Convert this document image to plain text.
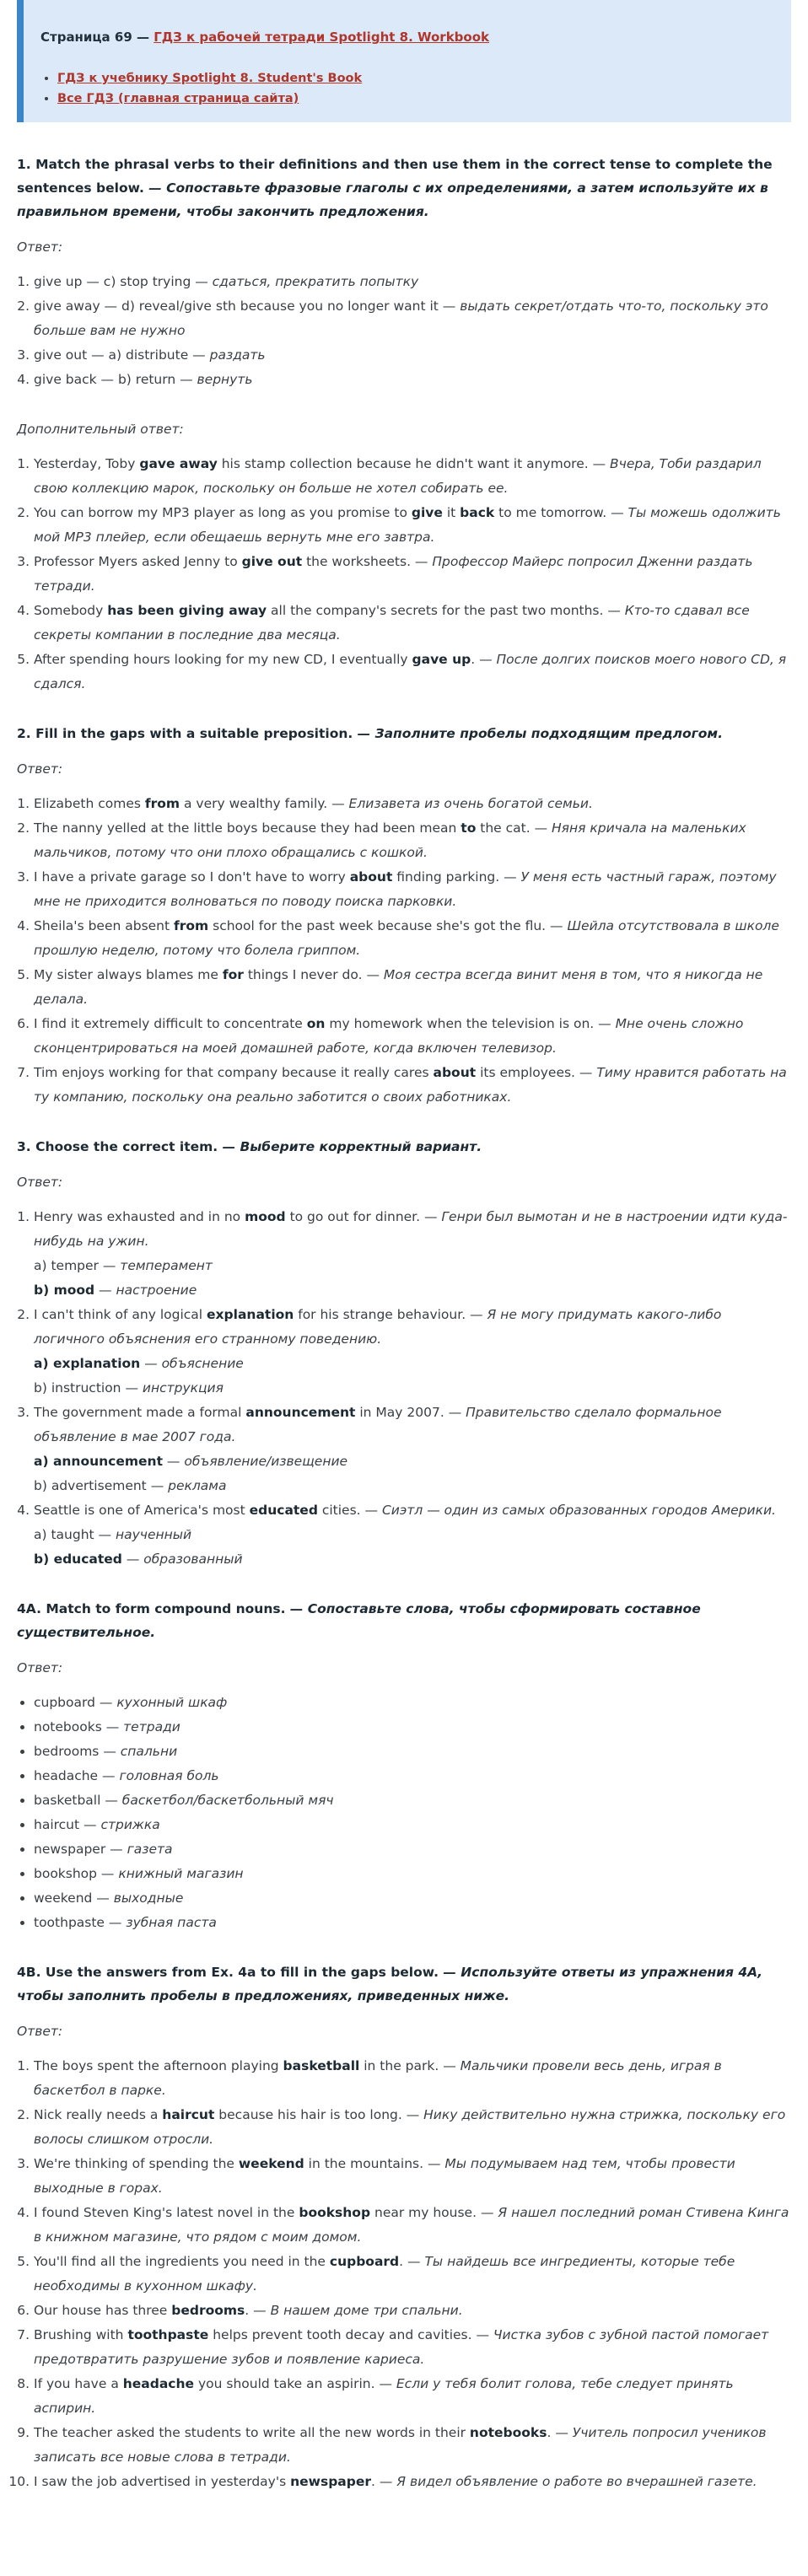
Страница 69 — ГДЗ к рабочей тетради Spotlight 8. Workbook
• ГДЗ к учебнику Spotlight 8. Student's Book
• Все ГДЗ (главная страница сайта)
1. Match the phrasal verbs to their definitions and then use them in the correct tense to complete the sentences below. — Сопоставьте фразовые глаголы с их определениями, а затем используйте их в правильном времени, чтобы закончить предложения.

Ответ:

1. give up — c) stop trying — сдаться, прекратить попытку
2. give away — d) reveal/give sth because you no longer want it — выдать секрет/отдать что-то, поскольку это больше вам не нужно
3. give out — a) distribute — раздать
4. give back — b) return — вернуть

Дополнительный ответ:

1. Yesterday, Toby gave away his stamp collection because he didn't want it anymore. — Вчера, Тоби раздарил свою коллекцию марок, поскольку он больше не хотел собирать ее.
2. You can borrow my MP3 player as long as you promise to give it back to me tomorrow. — Ты можешь одолжить мой MP3 плейер, если обещаешь вернуть мне его завтра.
3. Professor Myers asked Jenny to give out the worksheets. — Профессор Майерс попросил Дженни раздать тетради.
4. Somebody has been giving away all the company's secrets for the past two months. — Кто-то сдавал все секреты компании в последние два месяца.
5. After spending hours looking for my new CD, I eventually gave up. — После долгих поисков моего нового CD, я сдался.
2. Fill in the gaps with a suitable preposition. — Заполните пробелы подходящим предлогом.

Ответ:

1. Elizabeth comes from a very wealthy family. — Елизавета из очень богатой семьи.
2. The nanny yelled at the little boys because they had been mean to the cat. — Няня кричала на маленьких мальчиков, потому что они плохо обращались с кошкой.
3. I have a private garage so I don't have to worry about finding parking. — У меня есть частный гараж, поэтому мне не приходится волноваться по поводу поиска парковки.
4. Sheila's been absent from school for the past week because she's got the flu. — Шейла отсутствовала в школе прошлую неделю, потому что болела гриппом.
5. My sister always blames me for things I never do. — Моя сестра всегда винит меня в том, что я никогда не делала.
6. I find it extremely difficult to concentrate on my homework when the television is on. — Мне очень сложно сконцентрироваться на моей домашней работе, когда включен телевизор.
7. Tim enjoys working for that company because it really cares about its employees. — Тиму нравится работать на ту компанию, поскольку она реально заботится о своих работниках.
3. Choose the correct item. — Выберите корректный вариант.

Ответ:

1. Henry was exhausted and in no mood to go out for dinner. — Генри был вымотан и не в настроении идти куда-нибудь на ужин.
a) temper — темперамент
b) mood — настроение
2. I can't think of any logical explanation for his strange behaviour. — Я не могу придумать какого-либо логичного объяснения его странному поведению.
a) explanation — объяснение
b) instruction — инструкция
3. The government made a formal announcement in May 2007. — Правительство сделало формальное объявление в мае 2007 года.
a) announcement — объявление/извещение
b) advertisement — реклама
4. Seattle is one of America's most educated cities. — Сиэтл — один из самых образованных городов Америки.
a) taught — наученный
b) educated — образованный
4A. Match to form compound nouns. — Сопоставьте слова, чтобы сформировать составное существительное.

Ответ:

• cupboard — кухонный шкаф
• notebooks — тетради
• bedrooms — спальни
• headache — головная боль
• basketball — баскетбол/баскетбольный мяч
• haircut — стрижка
• newspaper — газета
• bookshop — книжный магазин
• weekend — выходные
• toothpaste — зубная паста
4B. Use the answers from Ex. 4a to fill in the gaps below. — Используйте ответы из упражнения 4А, чтобы заполнить пробелы в предложениях, приведенных ниже.

Ответ:

1. The boys spent the afternoon playing basketball in the park. — Мальчики провели весь день, играя в баскетбол в парке.
2. Nick really needs a haircut because his hair is too long. — Нику действительно нужна стрижка, поскольку его волосы слишком отросли.
3. We're thinking of spending the weekend in the mountains. — Мы подумываем над тем, чтобы провести выходные в горах.
4. I found Steven King's latest novel in the bookshop near my house. — Я нашел последний роман Стивена Кинга в книжном магазине, что рядом с моим домом.
5. You'll find all the ingredients you need in the cupboard. — Ты найдешь все ингредиенты, которые тебе необходимы в кухонном шкафу.
6. Our house has three bedrooms. — В нашем доме три спальни.
7. Brushing with toothpaste helps prevent tooth decay and cavities. — Чистка зубов с зубной пастой помогает предотвратить разрушение зубов и появление кариеса.
8. If you have a headache you should take an aspirin. — Если у тебя болит голова, тебе следует принять аспирин.
9. The teacher asked the students to write all the new words in their notebooks. — Учитель попросил учеников записать все новые слова в тетради.
10. I saw the job advertised in yesterday's newspaper. — Я видел объявление о работе во вчерашней газете.
